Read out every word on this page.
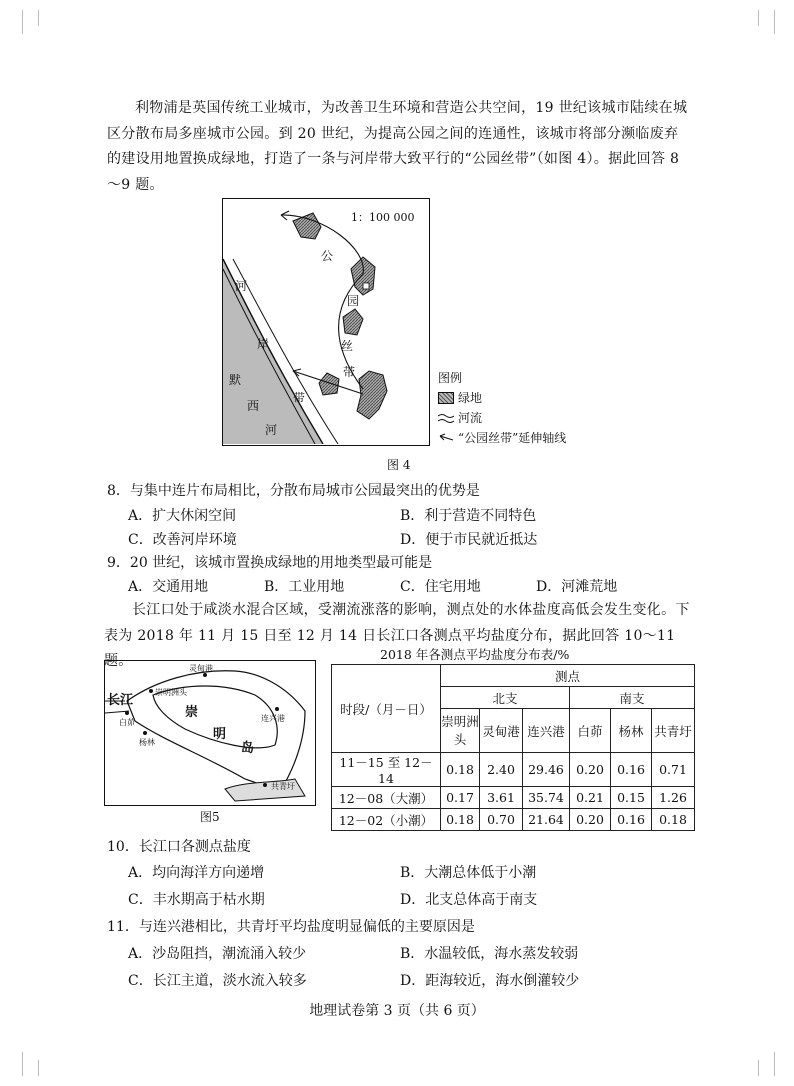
利物浦是英国传统工业城市，为改善卫生环境和营造公共空间，19 世纪该城市陆续在城区分散布局多座城市公园。到 20 世纪，为提高公园之间的连通性，该城市将部分濒临废弃的建设用地置换成绿地，打造了一条与河岸带大致平行的“公园丝带”（如图 4）。据此回答 8～9 题。
1：100 000
公
园
丝
带
河
岸
带
默
西
河
图例
绿地
河流
“公园丝带”延伸轴线
图 4
8．与集中连片布局相比，分散布局城市公园最突出的优势是
A．扩大休闲空间	B．利于营造不同特色
C．改善河岸环境	D．便于市民就近抵达
9．20 世纪，该城市置换成绿地的用地类型最可能是
A．交通用地	B．工业用地	C．住宅用地	D．河滩荒地
长江口处于咸淡水混合区域，受潮流涨落的影响，测点处的水体盐度高低会发生变化。下表为 2018 年 11 月 15 日至 12 月 14 日长江口各测点平均盐度分布，据此回答 10～11 题。
长江
崇
明
岛
灵甸港
崇明洲头
连兴港
白茆
杨林
共青圩
图5
2018 年各测点平均盐度分布表/%
时段/（月－日）	测点					
	北支			南支		
	崇明洲头	灵甸港	连兴港	白茆	杨林	共青圩
11－15 至 12－14	0.18	2.40	29.46	0.20	0.16	0.71
12－08（大潮）	0.17	3.61	35.74	0.21	0.15	1.26
12－02（小潮）	0.18	0.70	21.64	0.20	0.16	0.18
10．长江口各测点盐度
A．均向海洋方向递增	B．大潮总体低于小潮
C．丰水期高于枯水期	D．北支总体高于南支
11．与连兴港相比，共青圩平均盐度明显偏低的主要原因是
A．沙岛阻挡，潮流涌入较少	B．水温较低，海水蒸发较弱
C．长江主道，淡水流入较多	D．距海较近，海水倒灌较少
地理试卷第 3 页（共 6 页）
